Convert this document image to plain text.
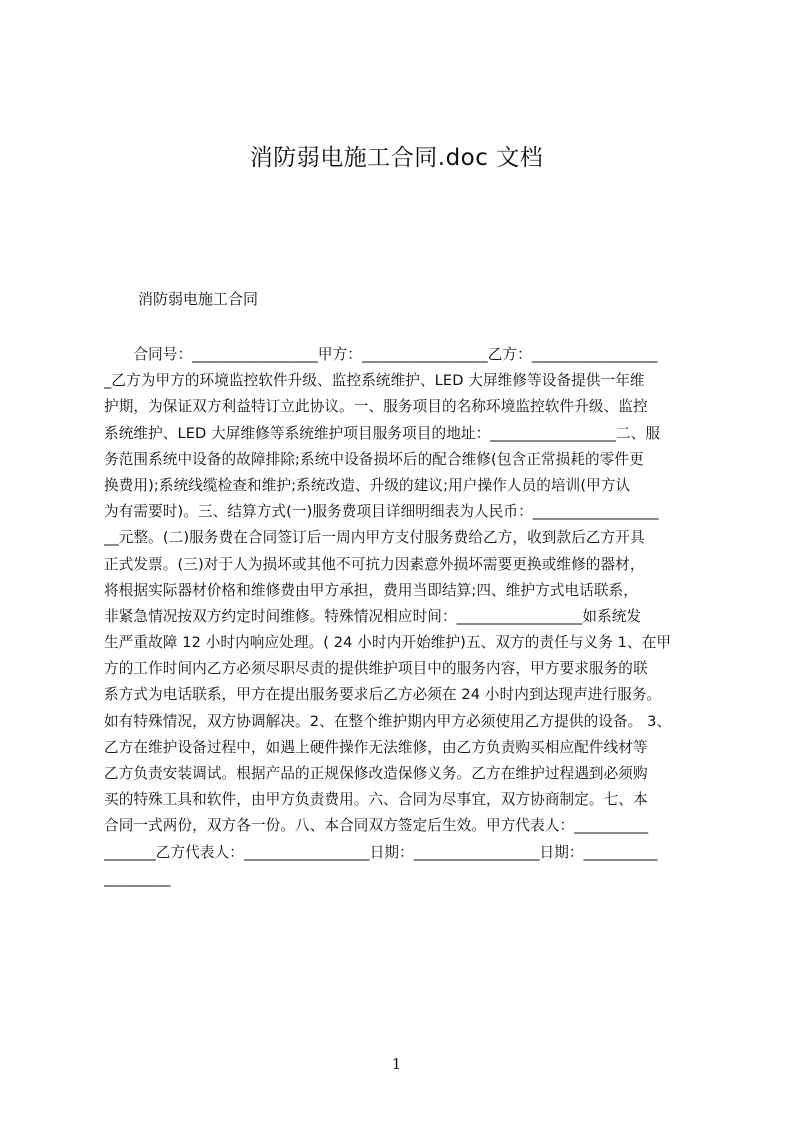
消防弱电施工合同.doc 文档
消防弱电施工合同
　　合同号：_________________甲方：_________________乙方：_________________
_乙方为甲方的环境监控软件升级、监控系统维护、LED 大屏维修等设备提供一年维
护期，为保证双方利益特订立此协议。一、服务项目的名称环境监控软件升级、监控
系统维护、LED 大屏维修等系统维护项目服务项目的地址：_________________二、服
务范围系统中设备的故障排除;系统中设备损坏后的配合维修(包含正常损耗的零件更
换费用);系统线缆检查和维护;系统改造、升级的建议;用户操作人员的培训(甲方认
为有需要时)。三、结算方式(一)服务费项目详细明细表为人民币：_________________
__元整。(二)服务费在合同签订后一周内甲方支付服务费给乙方，收到款后乙方开具
正式发票。(三)对于人为损坏或其他不可抗力因素意外损坏需要更换或维修的器材，
将根据实际器材价格和维修费由甲方承担，费用当即结算;四、维护方式电话联系，
非紧急情况按双方约定时间维修。特殊情况相应时间：_________________如系统发
生严重故障 12 小时内响应处理。( 24 小时内开始维护)五、双方的责任与义务 1、在甲
方的工作时间内乙方必须尽职尽责的提供维护项目中的服务内容，甲方要求服务的联
系方式为电话联系，甲方在提出服务要求后乙方必须在 24 小时内到达现声进行服务。
如有特殊情况，双方协调解决。2、在整个维护期内甲方必须使用乙方提供的设备。 3、
乙方在维护设备过程中，如遇上硬件操作无法维修，由乙方负责购买相应配件线材等
乙方负责安装调试。根据产品的正规保修改造保修义务。乙方在维护过程遇到必须购
买的特殊工具和软件，由甲方负责费用。六、合同为尽事宜，双方协商制定。七、本
合同一式两份，双方各一份。八、本合同双方签定后生效。甲方代表人：__________
_______乙方代表人：_________________日期：_________________日期：__________
_________
1
